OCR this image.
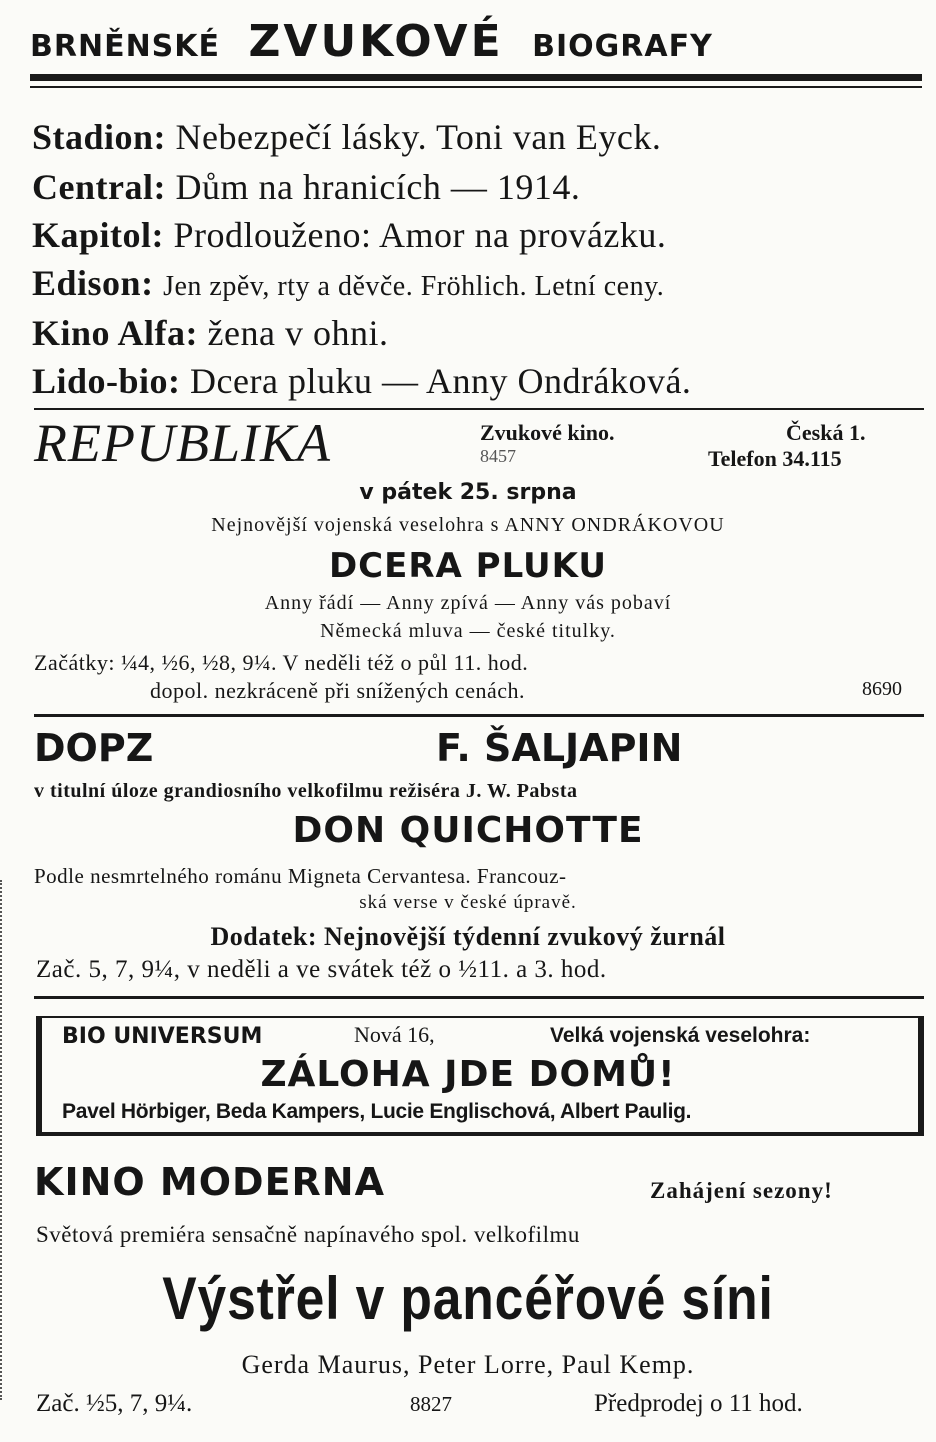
BRNĚNSKÉ ZVUKOVÉ BIOGRAFY
Stadion: Nebezpečí lásky. Toni van Eyck.
Central: Dům na hranicích — 1914.
Kapitol: Prodlouženo: Amor na provázku.
Edison: Jen zpěv, rty a děvče. Fröhlich. Letní ceny.
Kino Alfa: žena v ohni.
Lido-bio: Dcera pluku — Anny Ondráková.
REPUBLIKA	Zvukové kino.	Česká 1.
8457	Telefon 34.115
v pátek 25. srpna
Nejnovější vojenská veselohra s ANNY ONDRÁKOVOU
DCERA PLUKU
Anny řádí — Anny zpívá — Anny vás pobaví
Německá mluva — české titulky.
Začátky: ¼4, ½6, ½8, 9¼. V neděli též o půl 11. hod.
dopol. nezkráceně při snížených cenách.	8690
DOPZ	F. ŠALJAPIN
v titulní úloze grandiosního velkofilmu režiséra J. W. Pabsta
DON QUICHOTTE
Podle nesmrtelného románu Migneta Cervantesa. Francouz-
ská verse v české úpravě.
Dodatek: Nejnovější týdenní zvukový žurnál
Zač. 5, 7, 9¼, v neděli a ve svátek též o ½11. a 3. hod.
BIO UNIVERSUM	Nová 16,	Velká vojenská veselohra:
ZÁLOHA JDE DOMŮ!
Pavel Hörbiger, Beda Kampers, Lucie Englischová, Albert Paulig.
KINO MODERNA	Zahájení sezony!
Světová premiéra sensačně napínavého spol. velkofilmu
Výstřel v pancéřové síni
Gerda Maurus, Peter Lorre, Paul Kemp.
Zač. ½5, 7, 9¼.	8827	Předprodej o 11 hod.
